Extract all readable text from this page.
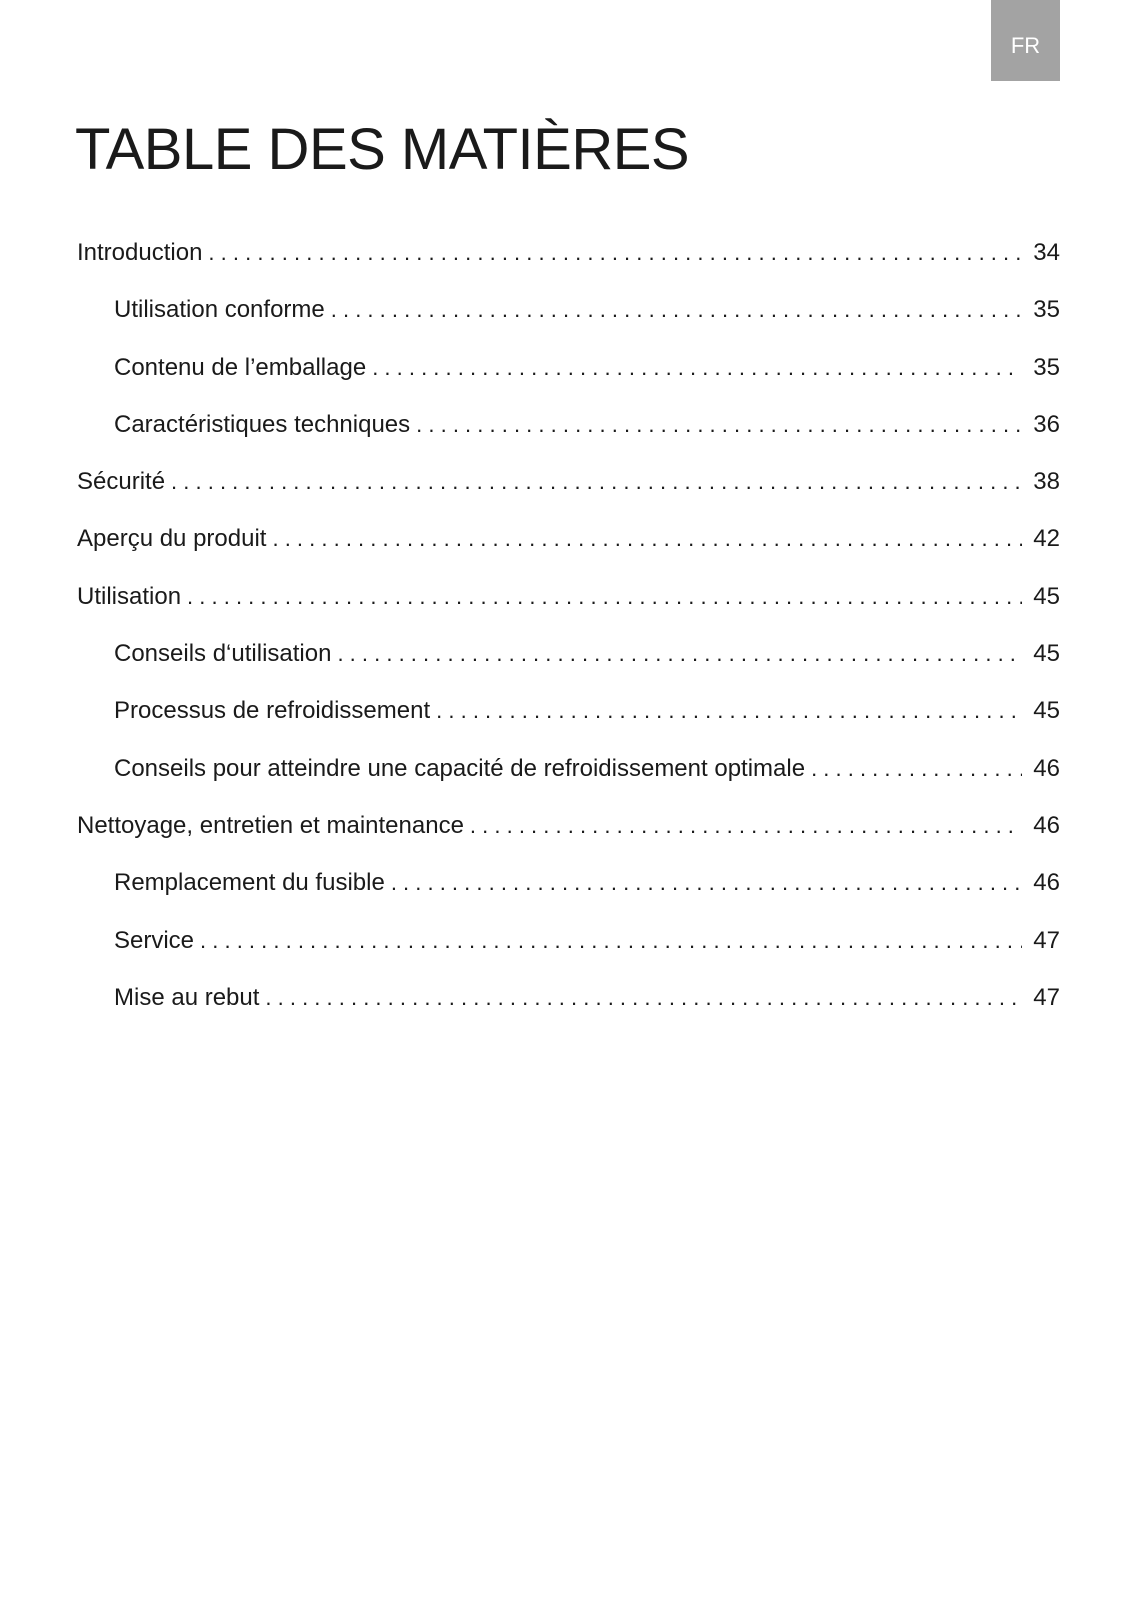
FR
TABLE DES MATIÈRES
Introduction . . .	34
Utilisation conforme . . .	35
Contenu de l’emballage . . .	35
Caractéristiques techniques . . .	36
Sécurité . . .	38
Aperçu du produit . . .	42
Utilisation . . .	45
Conseils d‘utilisation . . .	45
Processus de refroidissement . . .	45
Conseils pour atteindre une capacité de refroidissement optimale . . .	46
Nettoyage, entretien et maintenance . . .	46
Remplacement du fusible . . .	46
Service . . .	47
Mise au rebut . . .	47
